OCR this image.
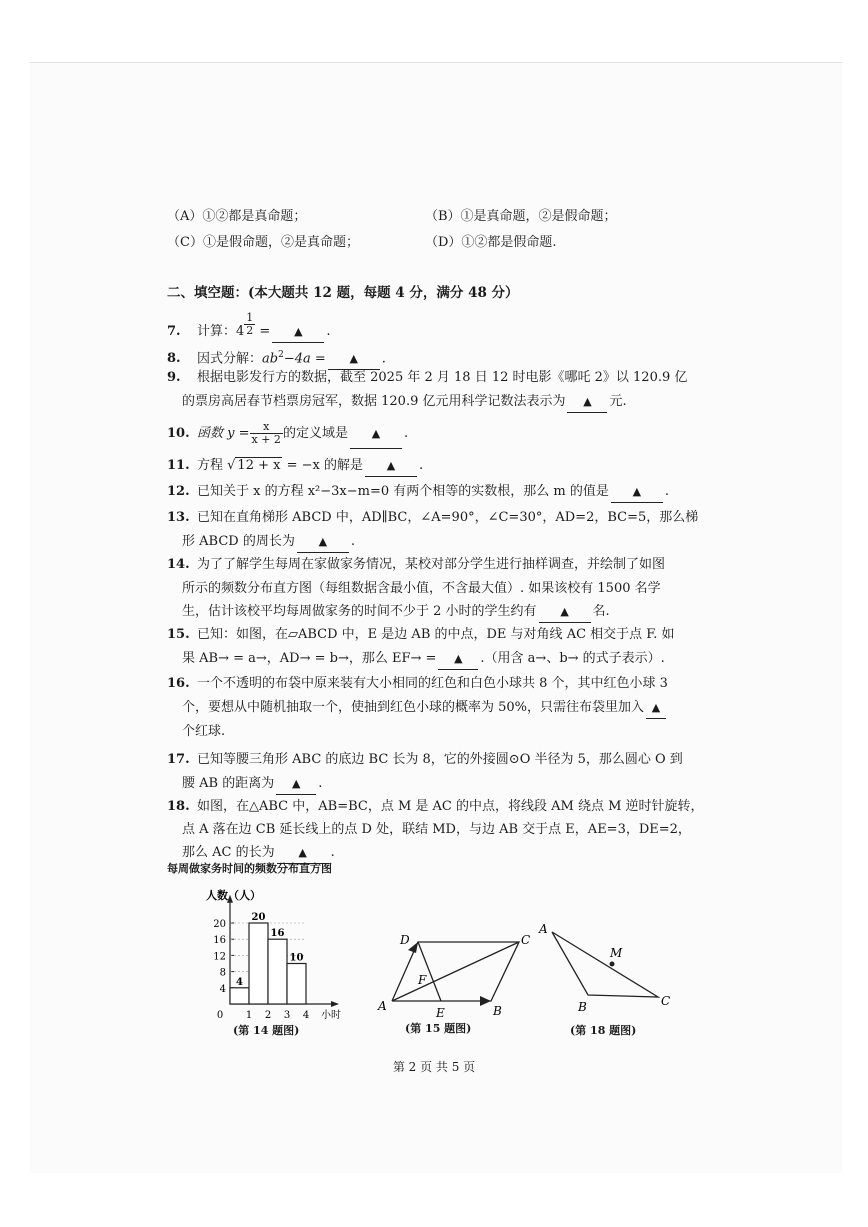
（A）①②都是真命题；	（B）①是真命题，②是假命题；
（C）①是假命题，②是真命题；	（D）①②都是假命题.
二、填空题：(本大题共 12 题，每题 4 分，满分 48 分）
7. 计算：$4 \frac{1}{2}$ = ▲ .
8. 因式分解：$ab^2-4a$ = ▲ .
9. 根据电影发行方的数据，截至 2025 年 2 月 18 日 12 时电影《哪吒 2》以 120.9 亿
的票房高居春节档票房冠军，数据 120.9 亿元用科学记数法表示为 ▲ 元.
10. 函数 $y = \frac{x}{x + 2}$ 的定义域是 ▲ .
11. 方程 √ 12 + x = −x 的解是 ▲ .
12. 已知关于 x 的方程 x²−3x−m=0 有两个相等的实数根，那么 m 的值是 ▲ .
13. 已知在直角梯形 ABCD 中，AD∥BC，∠A=90°，∠C=30°，AD=2，BC=5，那么梯
形 ABCD 的周长为 ▲ .
14. 为了了解学生每周在家做家务情况，某校对部分学生进行抽样调查，并绘制了如图
所示的频数分布直方图（每组数据含最小值，不含最大值）. 如果该校有 1500 名学
生，估计该校平均每周做家务的时间不少于 2 小时的学生约有 ▲ 名.
15. 已知：如图，在▱ABCD 中，E 是边 AB 的中点，DE 与对角线 AC 相交于点 F. 如
果 AB→ = a→，AD→ = b→，那么 EF→ = ▲ .（用含 a→、b→ 的式子表示）.
16. 一个不透明的布袋中原来装有大小相同的红色和白色小球共 8 个，其中红色小球 3
个，要想从中随机抽取一个，使抽到红色小球的概率为 50%，只需往布袋里加入 ▲
个红球.
17. 已知等腰三角形 ABC 的底边 BC 长为 8，它的外接圆⊙O 半径为 5，那么圆心 O 到
腰 AB 的距离为 ▲ .
18. 如图，在△ABC 中，AB=BC，点 M 是 AC 的中点，将线段 AM 绕点 M 逆时针旋转，
点 A 落在边 CB 延长线上的点 D 处，联结 MD，与边 AB 交于点 E，AE=3，DE=2，
那么 AC 的长为 ▲ .
每周做家务时间的频数分布直方图
人数（人）
小时
4
8
12
16
20
0 1 2 3 4
4
20
16
10
(第 14 题图)
A	B
C
D
E
F
(第 15 题图)
A
B	C
M
(第 18 题图)
第 2 页 共 5 页
